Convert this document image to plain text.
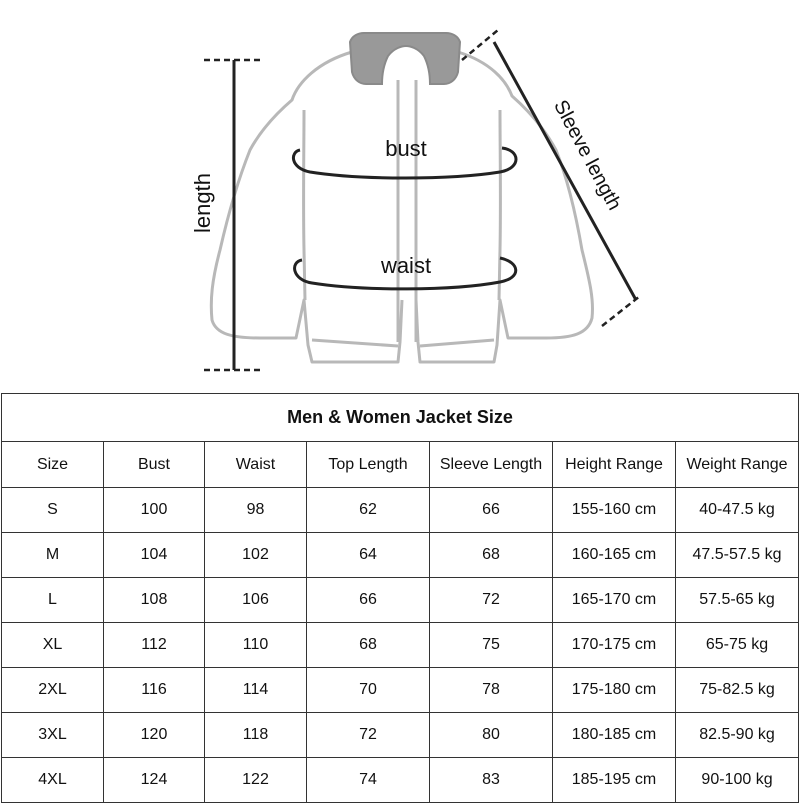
bust
waist
length	Sleeve length
Men & Women Jacket Size						
Size	Bust	Waist	Top Length	Sleeve Length	Height Range	Weight Range
S	100	98	62	66	155-160 cm	40-47.5 kg
M	104	102	64	68	160-165 cm	47.5-57.5 kg
L	108	106	66	72	165-170 cm	57.5-65 kg
XL	112	110	68	75	170-175 cm	65-75 kg
2XL	116	114	70	78	175-180 cm	75-82.5 kg
3XL	120	118	72	80	180-185 cm	82.5-90 kg
4XL	124	122	74	83	185-195 cm	90-100 kg
